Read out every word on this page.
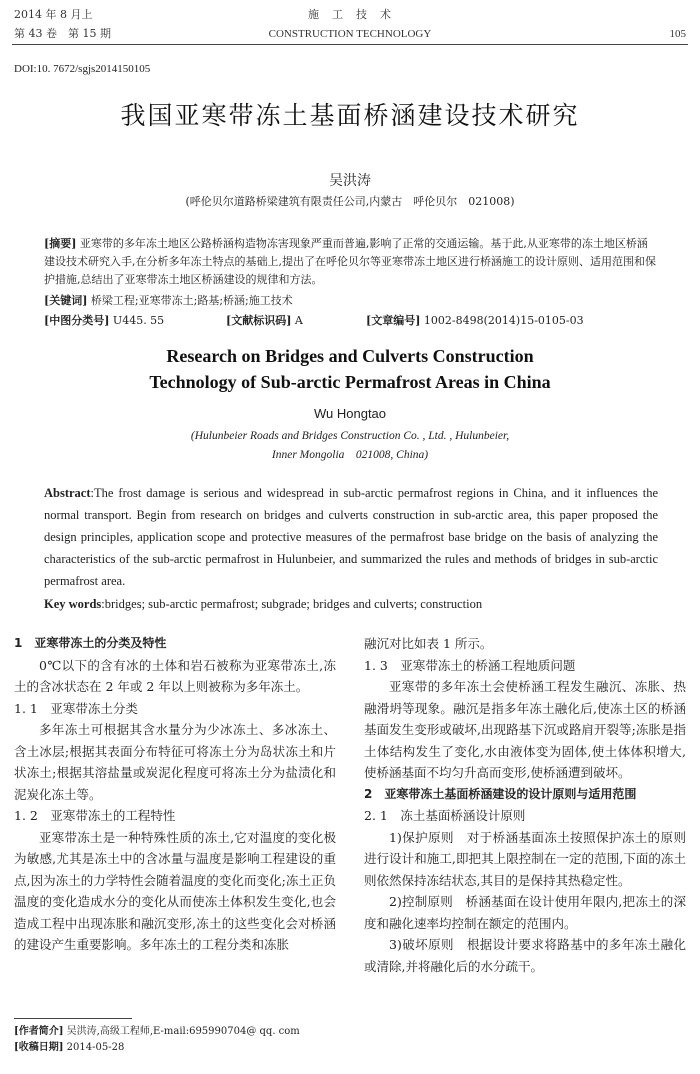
2014 年 8 月上
第 43 卷　第 15 期
施　工　技　术
CONSTRUCTION TECHNOLOGY	105
DOI:10. 7672/sgjs2014150105
我国亚寒带冻土基面桥涵建设技术研究
吴洪涛
(呼伦贝尔道路桥梁建筑有限责任公司,内蒙古　呼伦贝尔　021008)
[摘要] 亚寒带的多年冻土地区公路桥涵构造物冻害现象严重而普遍,影响了正常的交通运输。基于此,从亚寒带的冻土地区桥涵建设技术研究入手,在分析多年冻土特点的基础上,提出了在呼伦贝尔等亚寒带冻土地区进行桥涵施工的设计原则、适用范围和保护措施,总结出了亚寒带冻土地区桥涵建设的规律和方法。
[关键词] 桥梁工程;亚寒带冻土;路基;桥涵;施工技术
[中图分类号] U445. 55	[文献标识码] A	[文章编号] 1002-8498(2014)15-0105-03
Research on Bridges and Culverts Construction
Technology of Sub-arctic Permafrost Areas in China
Wu Hongtao
(Hulunbeier Roads and Bridges Construction Co. , Ltd. , Hulunbeier,
Inner Mongolia　021008, China)
Abstract:The frost damage is serious and widespread in sub-arctic permafrost regions in China, and it influences the normal transport. Begin from research on bridges and culverts construction in sub-arctic area, this paper proposed the design principles, application scope and protective measures of the permafrost base bridge on the basis of analyzing the characteristics of the sub-arctic permafrost in Hulunbeier, and summarized the rules and methods of bridges in sub-arctic permafrost area.
Key words:bridges; sub-arctic permafrost; subgrade; bridges and culverts; construction

1　亚寒带冻土的分类及特性

0℃以下的含有冰的土体和岩石被称为亚寒带冻土,冻土的含冰状态在 2 年或 2 年以上则被称为多年冻土。

1. 1　亚寒带冻土分类

多年冻土可根据其含水量分为少冰冻土、多冰冻土、含土冰层;根据其表面分布特征可将冻土分为岛状冻土和片状冻土;根据其溶盐量或炭泥化程度可将冻土分为盐渍化和泥炭化冻土等。

1. 2　亚寒带冻土的工程特性

亚寒带冻土是一种特殊性质的冻土,它对温度的变化极为敏感,尤其是冻土中的含冰量与温度是影响工程建设的重点,因为冻土的力学特性会随着温度的变化而变化;冻土正负温度的变化造成水分的变化从而使冻土体积发生变化,也会造成工程中出现冻胀和融沉变形,冻土的这些变化会对桥涵的建设产生重要影响。多年冻土的工程分类和冻胀

[作者简介] 吴洪涛,高级工程师,E-mail:695990704@ qq. com
[收稿日期] 2014-05-28

融沉对比如表 1 所示。

1. 3　亚寒带冻土的桥涵工程地质问题

亚寒带的多年冻土会使桥涵工程发生融沉、冻胀、热融滑坍等现象。融沉是指多年冻土融化后,使冻土区的桥涵基面发生变形或破坏,出现路基下沉或路肩开裂等;冻胀是指土体结构发生了变化,水由液体变为固体,使土体体积增大,使桥涵基面不均匀升高而变形,使桥涵遭到破坏。

2　亚寒带冻土基面桥涵建设的设计原则与适用范围

2. 1　冻土基面桥涵设计原则

1)保护原则　对于桥涵基面冻土按照保护冻土的原则进行设计和施工,即把其上限控制在一定的范围,下面的冻土则依然保持冻结状态,其目的是保持其热稳定性。

2)控制原则　桥涵基面在设计使用年限内,把冻土的深度和融化速率均控制在额定的范围内。

3)破坏原则　根据设计要求将路基中的多年冻土融化或清除,并将融化后的水分疏干。
